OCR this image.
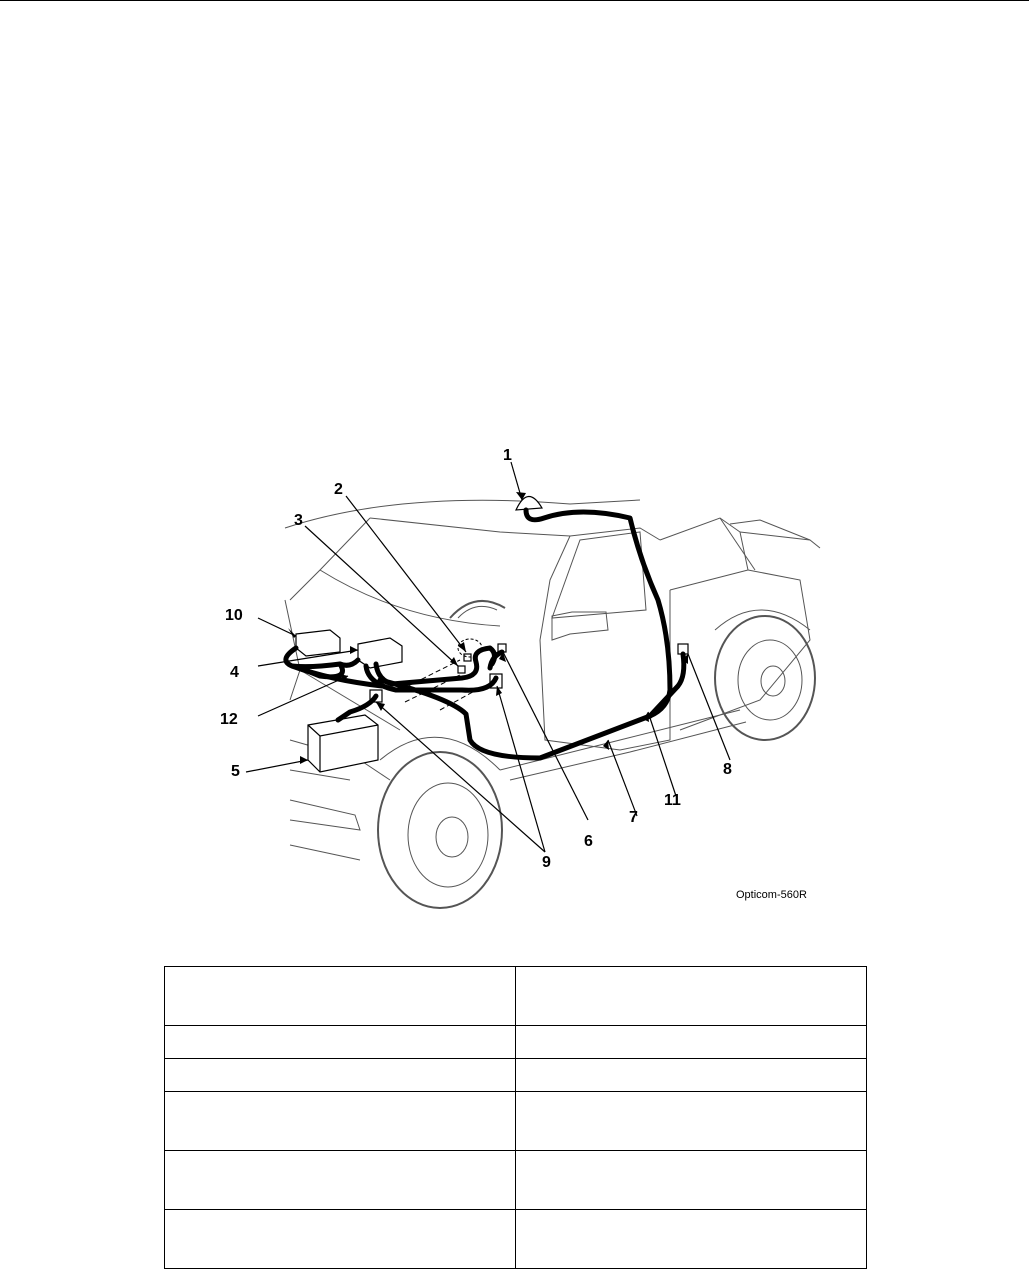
1
2
3
10
4
12
5	8
11
7
6
9
Opticom-560R
